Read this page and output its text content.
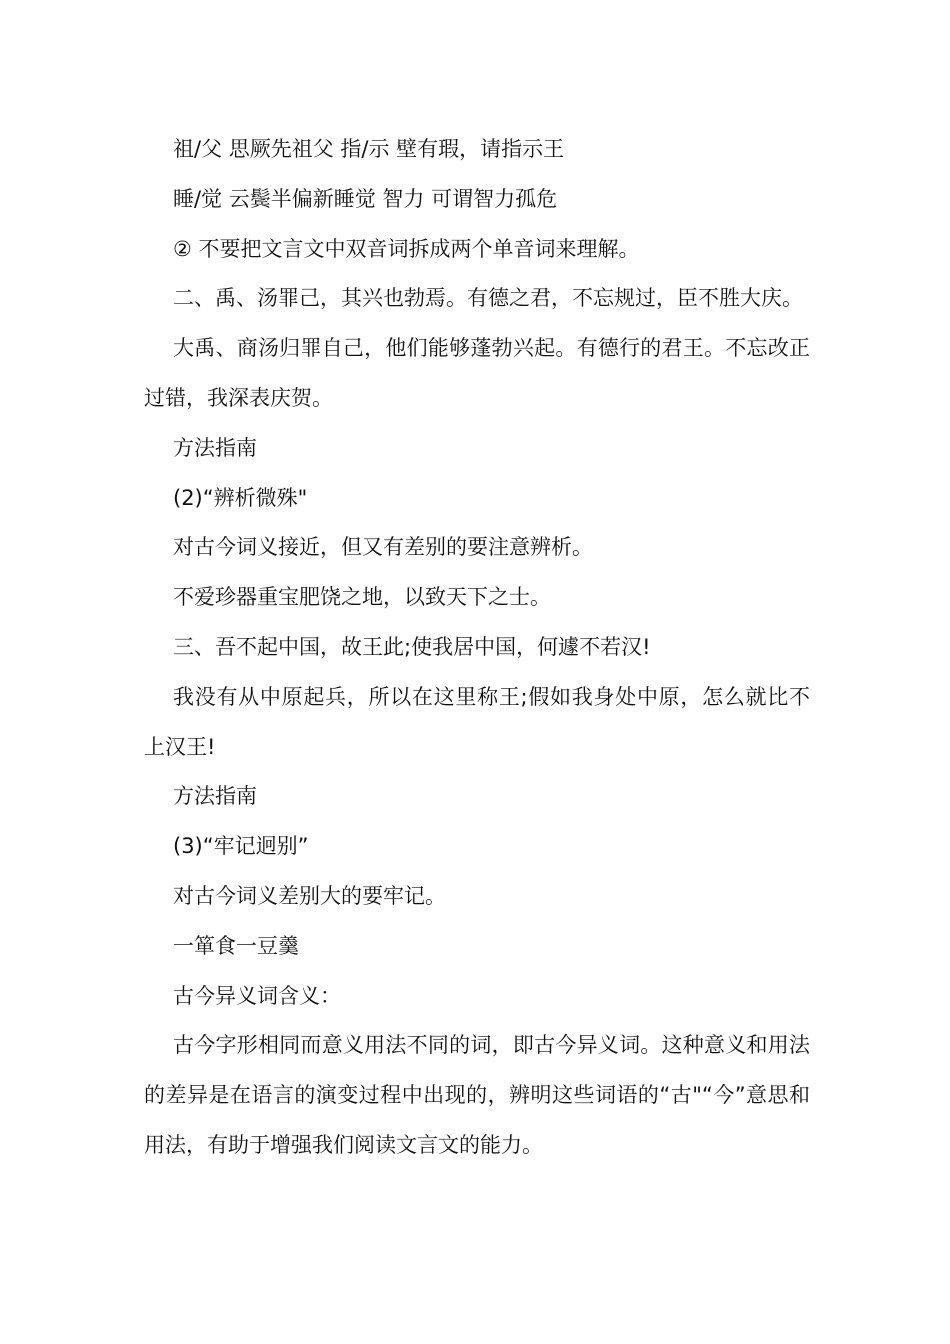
祖/父 思厥先祖父 指/示 壁有瑕，请指示王

睡/觉 云鬓半偏新睡觉 智力 可谓智力孤危

② 不要把文言文中双音词拆成两个单音词来理解。

二、禹、汤罪己，其兴也勃焉。有德之君，不忘规过，臣不胜大庆。

大禹、商汤归罪自己，他们能够蓬勃兴起。有德行的君王。不忘改正过错，我深表庆贺。

方法指南

(2)“辨析微殊"

对古今词义接近，但又有差别的要注意辨析。

不爱珍器重宝肥饶之地，以致天下之士。

三、吾不起中国，故王此;使我居中国，何遽不若汉!

我没有从中原起兵，所以在这里称王;假如我身处中原，怎么就比不上汉王!

方法指南

(3)“牢记迥别”

对古今词义差别大的要牢记。

一箪食一豆羹

古今异义词含义：

古今字形相同而意义用法不同的词，即古今异义词。这种意义和用法的差异是在语言的演变过程中出现的，辨明这些词语的“古"“今”意思和用法，有助于增强我们阅读文言文的能力。
